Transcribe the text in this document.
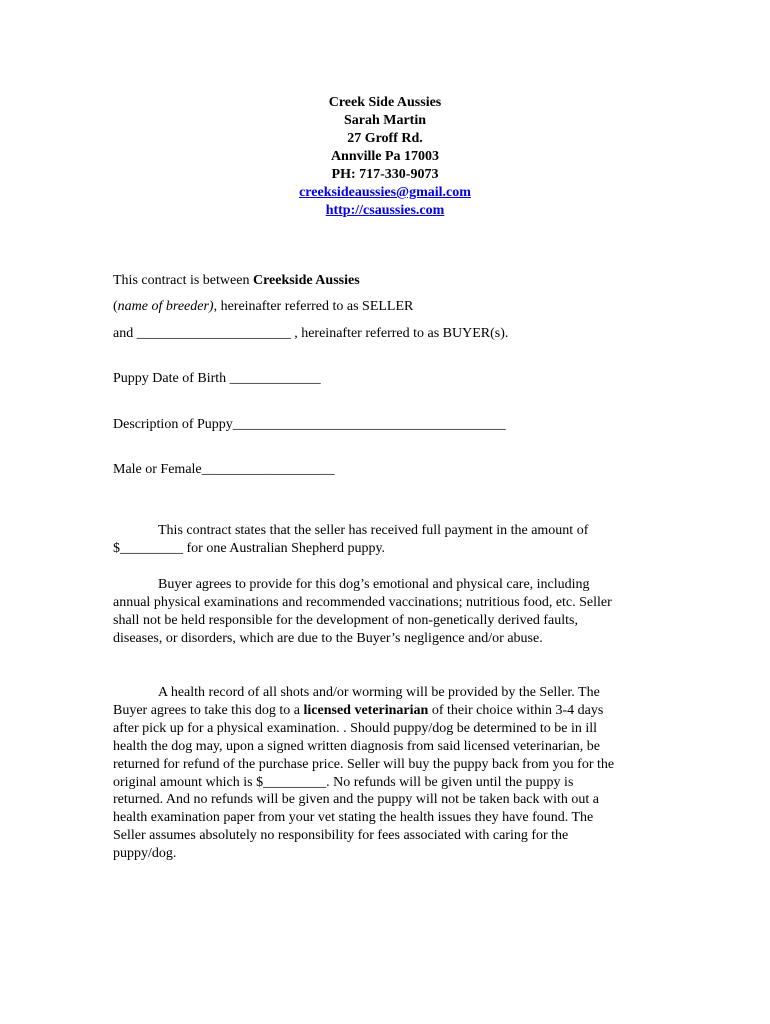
Creek Side Aussies
Sarah Martin
27 Groff Rd.
Annville Pa 17003
PH: 717-330-9073
creeksideaussies@gmail.com
http://csaussies.com
This contract is between Creekside Aussies
(name of breeder), hereinafter referred to as SELLER
and ______________________ , hereinafter referred to as BUYER(s).
Puppy Date of Birth _____________
Description of Puppy_______________________________________
Male or Female___________________
This contract states that the seller has received full payment in the amount of
$_________ for one Australian Shepherd puppy.
Buyer agrees to provide for this dog’s emotional and physical care, including
annual physical examinations and recommended vaccinations; nutritious food, etc. Seller
shall not be held responsible for the development of non-genetically derived faults,
diseases, or disorders, which are due to the Buyer’s negligence and/or abuse.
A health record of all shots and/or worming will be provided by the Seller. The
Buyer agrees to take this dog to a licensed veterinarian of their choice within 3-4 days
after pick up for a physical examination. . Should puppy/dog be determined to be in ill
health the dog may, upon a signed written diagnosis from said licensed veterinarian, be
returned for refund of the purchase price. Seller will buy the puppy back from you for the
original amount which is $_________. No refunds will be given until the puppy is
returned. And no refunds will be given and the puppy will not be taken back with out a
health examination paper from your vet stating the health issues they have found. The
Seller assumes absolutely no responsibility for fees associated with caring for the
puppy/dog.
